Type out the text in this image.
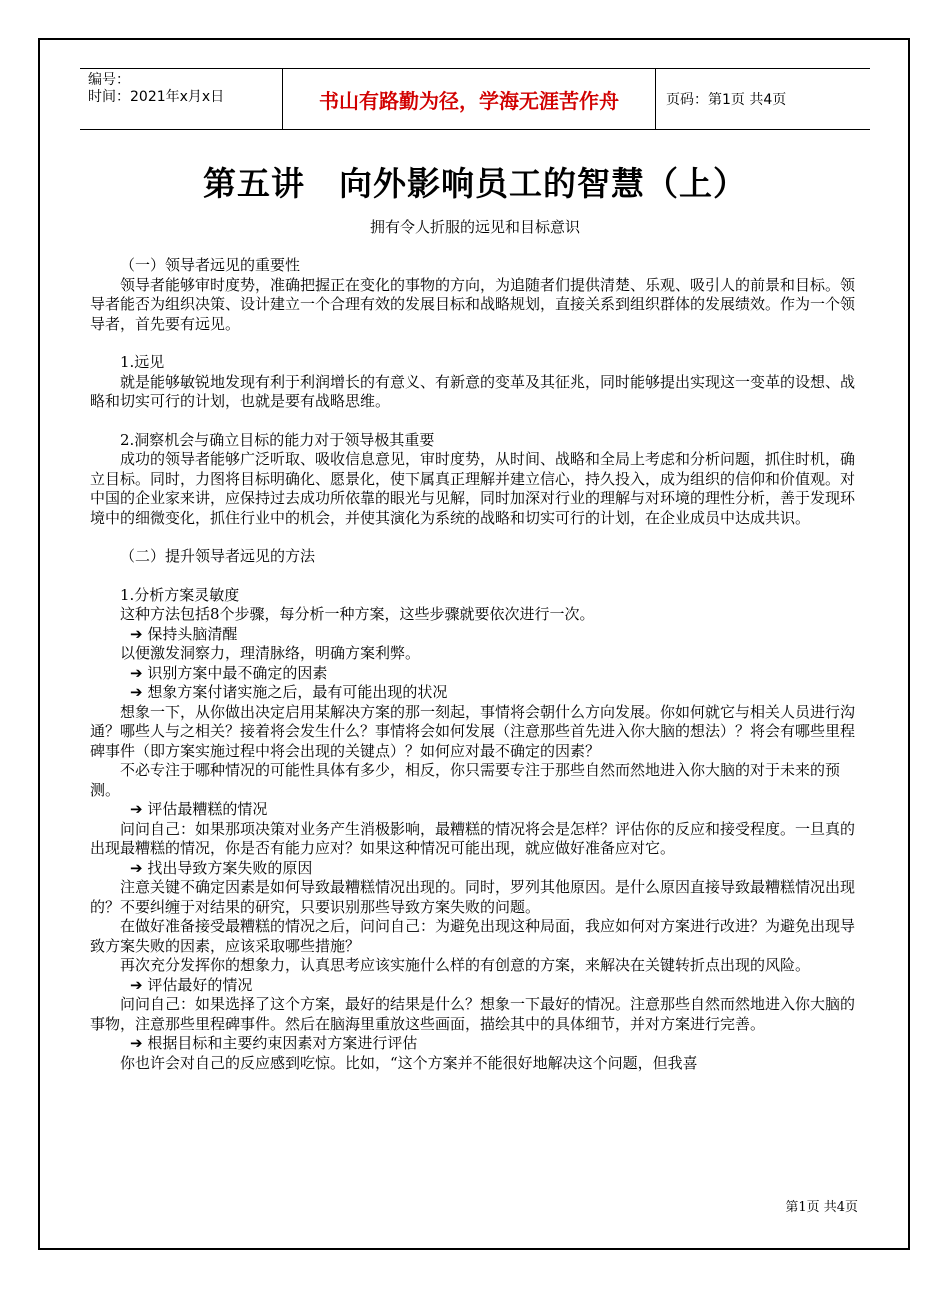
编号：
时间：2021年x月x日	书山有路勤为径，学海无涯苦作舟	页码：第1页 共4页
第五讲　向外影响员工的智慧（上）
拥有令人折服的远见和目标意识

（一）领导者远见的重要性

领导者能够审时度势，准确把握正在变化的事物的方向，为追随者们提供清楚、乐观、吸引人的前景和目标。领导者能否为组织决策、设计建立一个合理有效的发展目标和战略规划，直接关系到组织群体的发展绩效。作为一个领导者，首先要有远见。

1.远见

就是能够敏锐地发现有利于利润增长的有意义、有新意的变革及其征兆，同时能够提出实现这一变革的设想、战略和切实可行的计划，也就是要有战略思维。

2.洞察机会与确立目标的能力对于领导极其重要

成功的领导者能够广泛听取、吸收信息意见，审时度势，从时间、战略和全局上考虑和分析问题，抓住时机，确立目标。同时，力图将目标明确化、愿景化，使下属真正理解并建立信心，持久投入，成为组织的信仰和价值观。对中国的企业家来讲，应保持过去成功所依靠的眼光与见解，同时加深对行业的理解与对环境的理性分析，善于发现环境中的细微变化，抓住行业中的机会，并使其演化为系统的战略和切实可行的计划，在企业成员中达成共识。

（二）提升领导者远见的方法

1.分析方案灵敏度

这种方法包括8个步骤，每分析一种方案，这些步骤就要依次进行一次。

➔ 保持头脑清醒

以便激发洞察力，理清脉络，明确方案利弊。

➔ 识别方案中最不确定的因素

➔ 想象方案付诸实施之后，最有可能出现的状况

想象一下，从你做出决定启用某解决方案的那一刻起，事情将会朝什么方向发展。你如何就它与相关人员进行沟通？哪些人与之相关？接着将会发生什么？事情将会如何发展（注意那些首先进入你大脑的想法）？将会有哪些里程碑事件（即方案实施过程中将会出现的关键点）？如何应对最不确定的因素？

不必专注于哪种情况的可能性具体有多少，相反，你只需要专注于那些自然而然地进入你大脑的对于未来的预测。

➔ 评估最糟糕的情况

问问自己：如果那项决策对业务产生消极影响，最糟糕的情况将会是怎样？评估你的反应和接受程度。一旦真的出现最糟糕的情况，你是否有能力应对？如果这种情况可能出现，就应做好准备应对它。

➔ 找出导致方案失败的原因

注意关键不确定因素是如何导致最糟糕情况出现的。同时，罗列其他原因。是什么原因直接导致最糟糕情况出现的？不要纠缠于对结果的研究，只要识别那些导致方案失败的问题。

在做好准备接受最糟糕的情况之后，问问自己：为避免出现这种局面，我应如何对方案进行改进？为避免出现导致方案失败的因素，应该采取哪些措施？

再次充分发挥你的想象力，认真思考应该实施什么样的有创意的方案，来解决在关键转折点出现的风险。

➔ 评估最好的情况

问问自己：如果选择了这个方案，最好的结果是什么？想象一下最好的情况。注意那些自然而然地进入你大脑的事物，注意那些里程碑事件。然后在脑海里重放这些画面，描绘其中的具体细节，并对方案进行完善。

➔ 根据目标和主要约束因素对方案进行评估

你也许会对自己的反应感到吃惊。比如，“这个方案并不能很好地解决这个问题，但我喜

第1页 共4页
